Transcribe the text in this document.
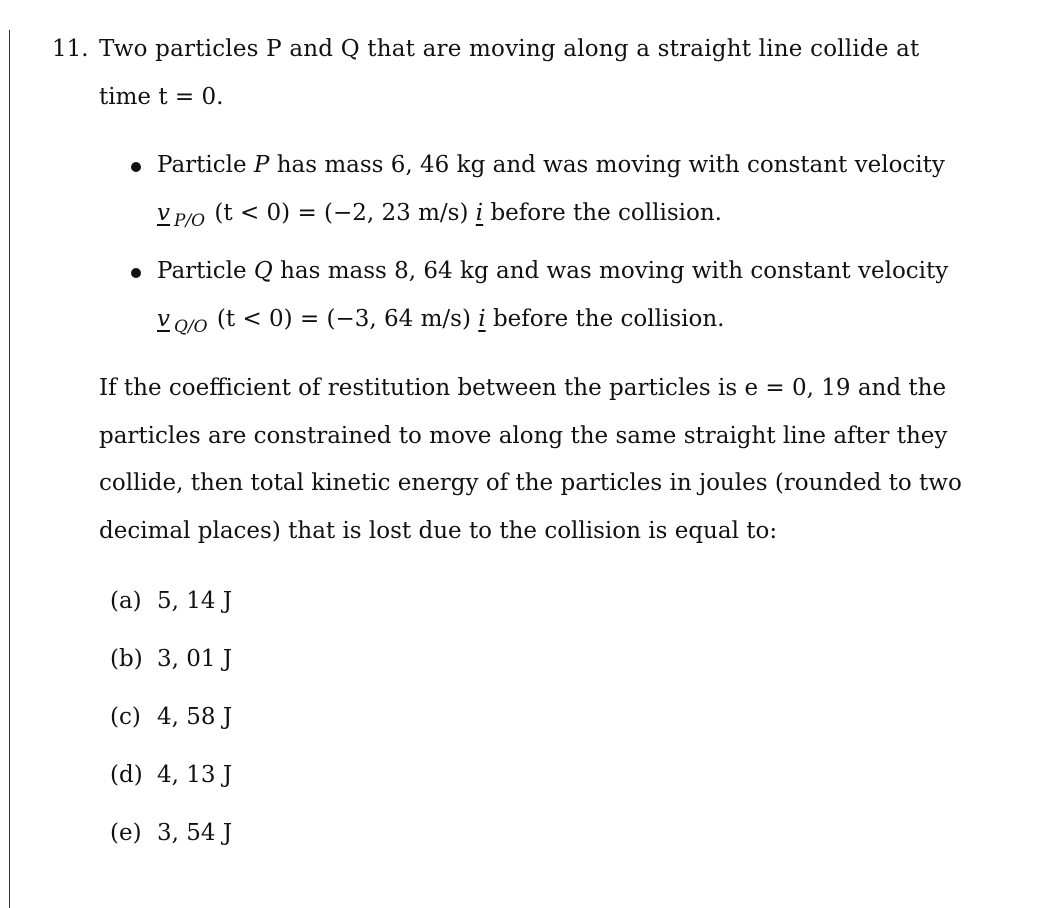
11. Two particles P and Q that are moving along a straight line collide at
time t = 0.
Particle P has mass 6, 46 kg and was moving with constant velocity
v $_{P/O}$ (t < 0) = (−2, 23 m/s) i before the collision.
Particle Q has mass 8, 64 kg and was moving with constant velocity
v $_{Q/O}$ (t < 0) = (−3, 64 m/s) i before the collision.
If the coefficient of restitution between the particles is e = 0, 19 and the
particles are constrained to move along the same straight line after they
collide, then total kinetic energy of the particles in joules (rounded to two
decimal places) that is lost due to the collision is equal to:
(a) 5, 14 J
(b) 3, 01 J
(c) 4, 58 J
(d) 4, 13 J
(e) 3, 54 J
